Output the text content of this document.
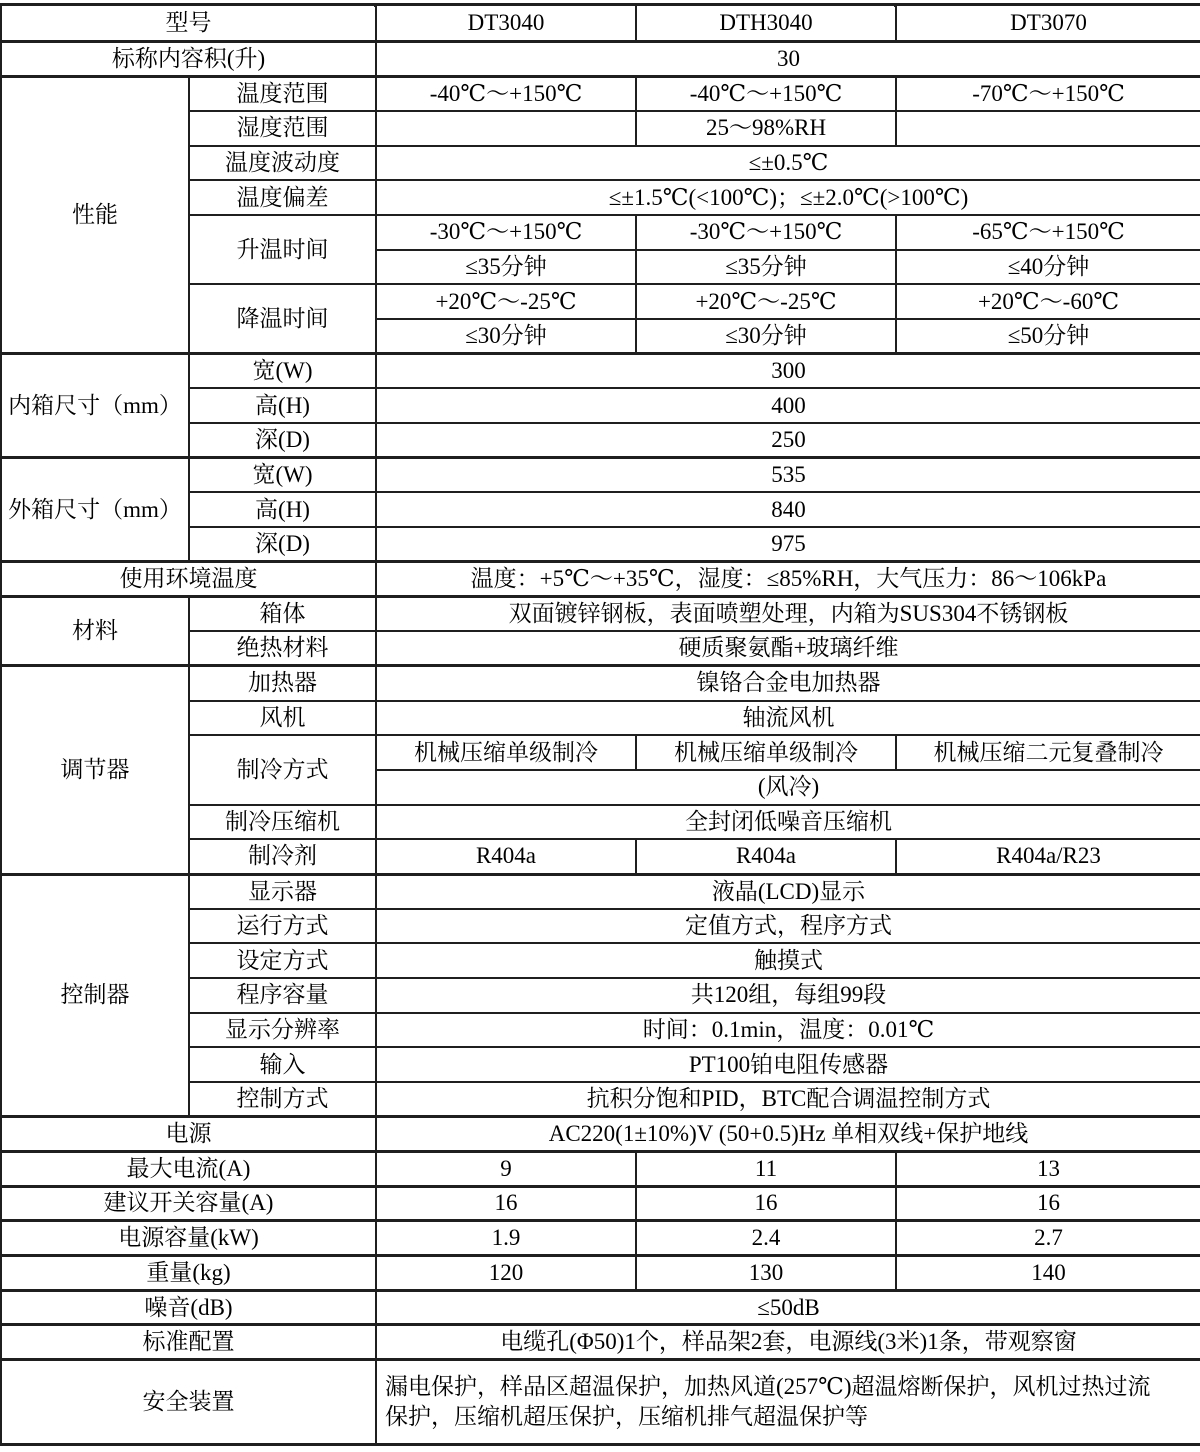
型号		DT3040	DTH3040	DT3070
标称内容积(升)		30		
性能	温度范围	-40℃～+150℃	-40℃～+150℃	-70℃～+150℃
	湿度范围		25～98%RH	
	温度波动度	≤±0.5℃		
	温度偏差	≤±1.5℃(<100℃)；≤±2.0℃(>100℃)		
	升温时间	-30℃～+150℃	-30℃～+150℃	-65℃～+150℃
		≤35分钟	≤35分钟	≤40分钟
	降温时间	+20℃～-25℃	+20℃～-25℃	+20℃～-60℃
		≤30分钟	≤30分钟	≤50分钟
内箱尺寸（mm）	宽(W)	300		
	高(H)	400		
	深(D)	250		
外箱尺寸（mm）	宽(W)	535		
	高(H)	840		
	深(D)	975		
使用环境温度		温度：+5℃～+35℃，湿度：≤85%RH，大气压力：86～106kPa		
材料	箱体	双面镀锌钢板，表面喷塑处理，内箱为SUS304不锈钢板		
	绝热材料	硬质聚氨酯+玻璃纤维		
调节器	加热器	镍铬合金电加热器		
	风机	轴流风机		
	制冷方式	机械压缩单级制冷	机械压缩单级制冷	机械压缩二元复叠制冷
		(风冷)		
	制冷压缩机	全封闭低噪音压缩机		
	制冷剂	R404a	R404a	R404a/R23
控制器	显示器	液晶(LCD)显示		
	运行方式	定值方式，程序方式		
	设定方式	触摸式		
	程序容量	共120组，每组99段		
	显示分辨率	时间：0.1min，温度：0.01℃		
	输入	PT100铂电阻传感器		
	控制方式	抗积分饱和PID，BTC配合调温控制方式		
电源		AC220(1±10%)V (50+0.5)Hz 单相双线+保护地线		
最大电流(A)		9	11	13
建议开关容量(A)		16	16	16
电源容量(kW)		1.9	2.4	2.7
重量(kg)		120	130	140
噪音(dB)		≤50dB		
标准配置		电缆孔(Φ50)1个，样品架2套，电源线(3米)1条，带观察窗		
安全装置		漏电保护，样品区超温保护，加热风道(257℃)超温熔断保护，风机过热过流保护，压缩机超压保护，压缩机排气超温保护等		
